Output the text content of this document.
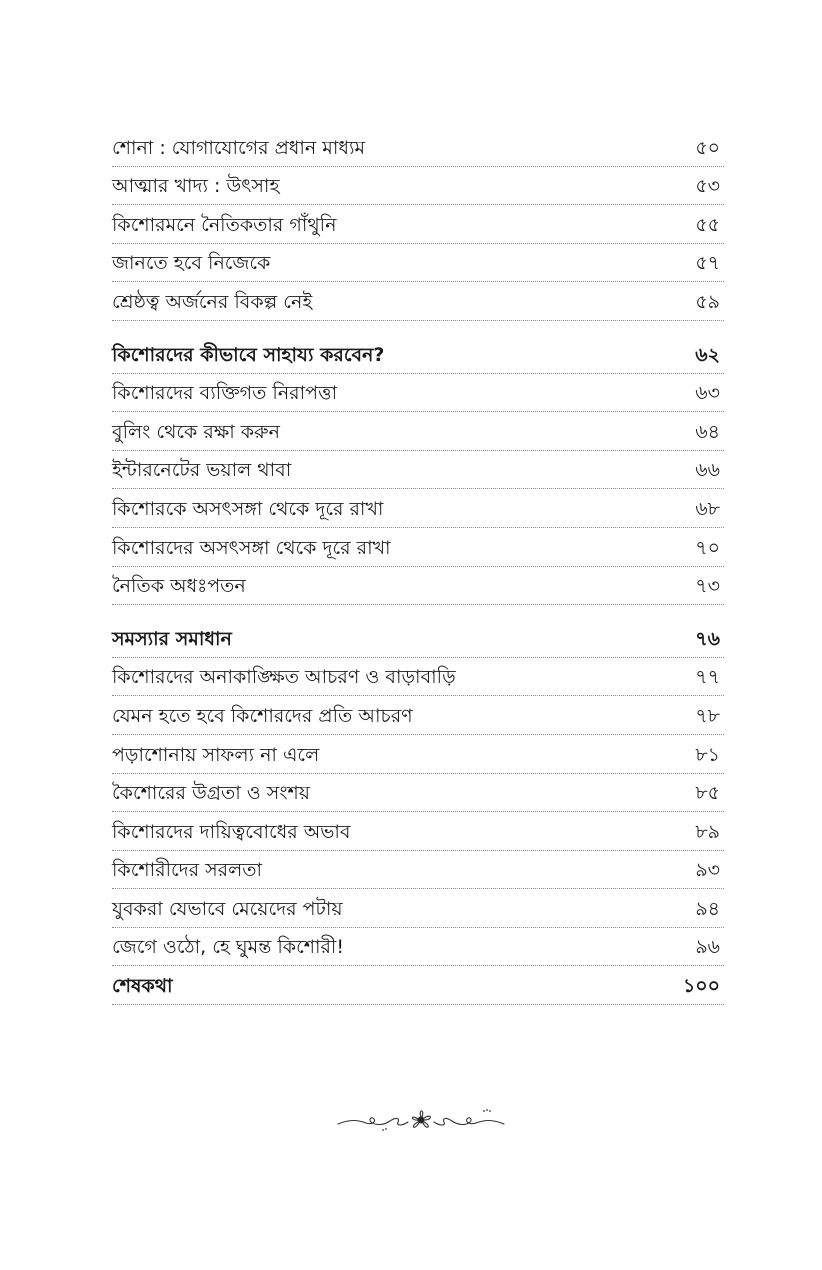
শোনা : যোগাযোগের প্রধান মাধ্যম	৫০
আত্মার খাদ্য : উৎসাহ	৫৩
কিশোরমনে নৈতিকতার গাঁথুনি	৫৫
জানতে হবে নিজেকে	৫৭
শ্রেষ্ঠত্ব অর্জনের বিকল্প নেই	৫৯
কিশোরদের কীভাবে সাহায্য করবেন?	৬২
কিশোরদের ব্যক্তিগত নিরাপত্তা	৬৩
বুলিং থেকে রক্ষা করুন	৬৪
ইন্টারনেটের ভয়াল থাবা	৬৬
কিশোরকে অসৎসঙ্গা থেকে দূরে রাখা	৬৮
কিশোরদের অসৎসঙ্গা থেকে দূরে রাখা	৭০
নৈতিক অধঃপতন	৭৩
সমস্যার সমাধান	৭৬
কিশোরদের অনাকাঙ্ক্ষিত আচরণ ও বাড়াবাড়ি	৭৭
যেমন হতে হবে কিশোরদের প্রতি আচরণ	৭৮
পড়াশোনায় সাফল্য না এলে	৮১
কৈশোরের উগ্রতা ও সংশয়	৮৫
কিশোরদের দায়িত্ববোধের অভাব	৮৯
কিশোরীদের সরলতা	৯৩
যুবকরা যেভাবে মেয়েদের পটায়	৯৪
জেগে ওঠো, হে ঘুমন্ত কিশোরী!	৯৬
শেষকথা	১০০
